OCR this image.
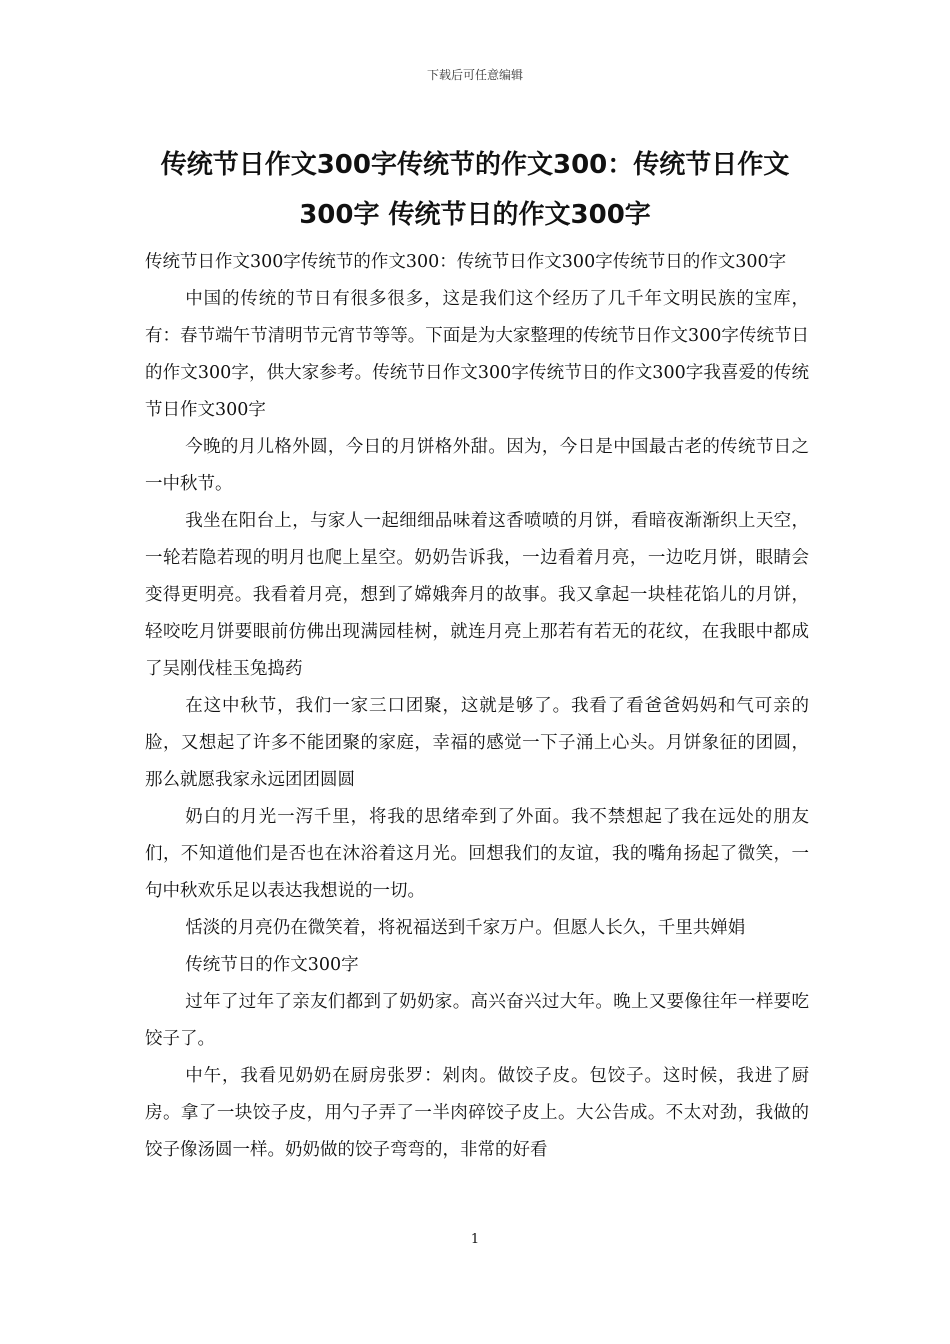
下载后可任意编辑
传统节日作文300字传统节的作文300：传统节日作文
300字 传统节日的作文300字

传统节日作文300字传统节的作文300：传统节日作文300字传统节日的作文300字

中国的传统的节日有很多很多，这是我们这个经历了几千年文明民族的宝库，有：春节端午节清明节元宵节等等。下面是为大家整理的传统节日作文300字传统节日的作文300字，供大家参考。传统节日作文300字传统节日的作文300字我喜爱的传统节日作文300字

今晚的月儿格外圆，今日的月饼格外甜。因为，今日是中国最古老的传统节日之一中秋节。

我坐在阳台上，与家人一起细细品味着这香喷喷的月饼，看暗夜渐渐织上天空，一轮若隐若现的明月也爬上星空。奶奶告诉我，一边看着月亮，一边吃月饼，眼睛会变得更明亮。我看着月亮，想到了嫦娥奔月的故事。我又拿起一块桂花馅儿的月饼，轻咬吃月饼要眼前仿佛出现满园桂树，就连月亮上那若有若无的花纹，在我眼中都成了吴刚伐桂玉兔捣药

在这中秋节，我们一家三口团聚，这就是够了。我看了看爸爸妈妈和气可亲的脸，又想起了许多不能团聚的家庭，幸福的感觉一下子涌上心头。月饼象征的团圆，那么就愿我家永远团团圆圆

奶白的月光一泻千里，将我的思绪牵到了外面。我不禁想起了我在远处的朋友们，不知道他们是否也在沐浴着这月光。回想我们的友谊，我的嘴角扬起了微笑，一句中秋欢乐足以表达我想说的一切。

恬淡的月亮仍在微笑着，将祝福送到千家万户。但愿人长久，千里共婵娟

传统节日的作文300字

过年了过年了亲友们都到了奶奶家。高兴奋兴过大年。晚上又要像往年一样要吃饺子了。

中午，我看见奶奶在厨房张罗：剁肉。做饺子皮。包饺子。这时候，我进了厨房。拿了一块饺子皮，用勺子弄了一半肉碎饺子皮上。大公告成。不太对劲，我做的饺子像汤圆一样。奶奶做的饺子弯弯的，非常的好看

1
